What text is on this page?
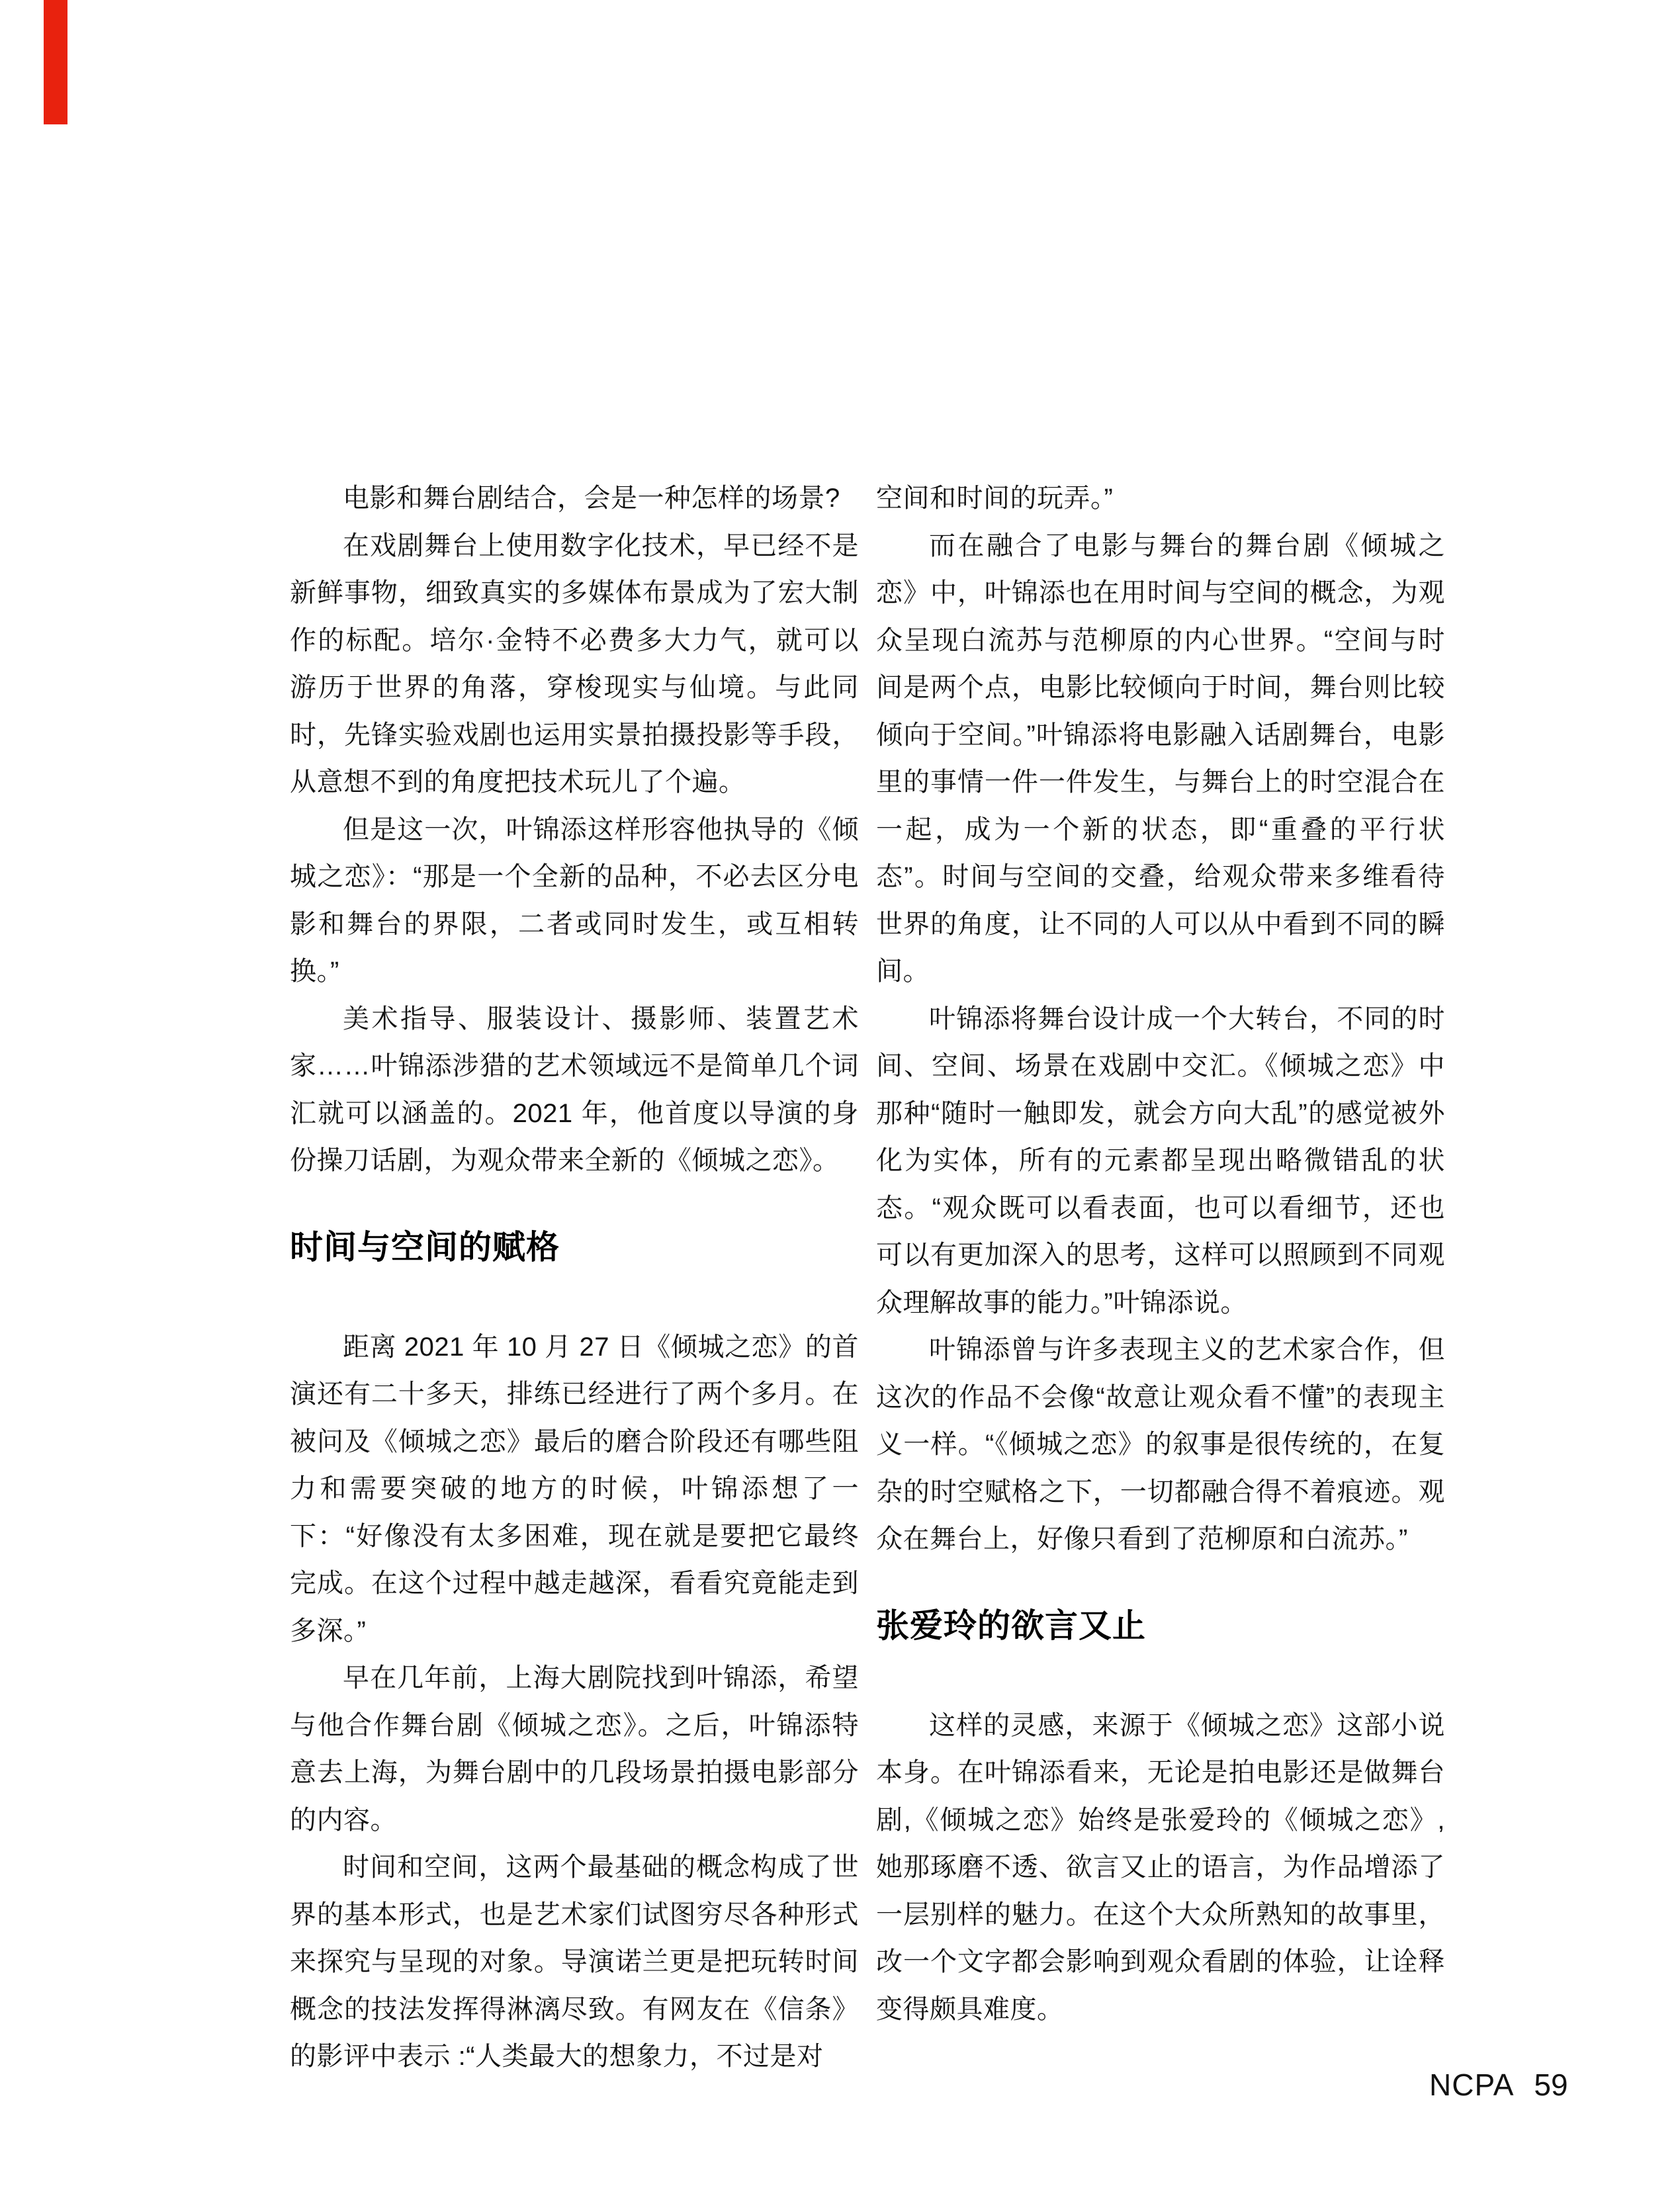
电影和舞台剧结合，会是一种怎样的场景?

在戏剧舞台上使用数字化技术，早已经不是新鲜事物，细致真实的多媒体布景成为了宏大制作的标配。培尔·金特不必费多大力气，就可以游历于世界的角落，穿梭现实与仙境。与此同时，先锋实验戏剧也运用实景拍摄投影等手段，从意想不到的角度把技术玩儿了个遍。

但是这一次，叶锦添这样形容他执导的《倾城之恋》：“那是一个全新的品种，不必去区分电影和舞台的界限，二者或同时发生，或互相转换。”

美术指导、服装设计、摄影师、装置艺术家……叶锦添涉猎的艺术领域远不是简单几个词汇就可以涵盖的。2021 年，他首度以导演的身份操刀话剧，为观众带来全新的《倾城之恋》。

时间与空间的赋格

距离 2021 年 10 月 27 日《倾城之恋》的首演还有二十多天，排练已经进行了两个多月。在被问及《倾城之恋》最后的磨合阶段还有哪些阻力和需要突破的地方的时候，叶锦添想了一下：“好像没有太多困难，现在就是要把它最终完成。在这个过程中越走越深，看看究竟能走到多深。”

早在几年前，上海大剧院找到叶锦添，希望与他合作舞台剧《倾城之恋》。之后，叶锦添特意去上海，为舞台剧中的几段场景拍摄电影部分的内容。

时间和空间，这两个最基础的概念构成了世界的基本形式，也是艺术家们试图穷尽各种形式来探究与呈现的对象。导演诺兰更是把玩转时间概念的技法发挥得淋漓尽致。有网友在《信条》的影评中表示 :“人类最大的想象力，不过是对

空间和时间的玩弄。”

而在融合了电影与舞台的舞台剧《倾城之恋》中，叶锦添也在用时间与空间的概念，为观众呈现白流苏与范柳原的内心世界。“空间与时间是两个点，电影比较倾向于时间，舞台则比较倾向于空间。”叶锦添将电影融入话剧舞台，电影里的事情一件一件发生，与舞台上的时空混合在一起，成为一个新的状态，即“重叠的平行状态”。时间与空间的交叠，给观众带来多维看待世界的角度，让不同的人可以从中看到不同的瞬间。

叶锦添将舞台设计成一个大转台，不同的时间、空间、场景在戏剧中交汇。《倾城之恋》中那种“随时一触即发，就会方向大乱”的感觉被外化为实体，所有的元素都呈现出略微错乱的状态。“观众既可以看表面，也可以看细节，还也可以有更加深入的思考，这样可以照顾到不同观众理解故事的能力。”叶锦添说。

叶锦添曾与许多表现主义的艺术家合作，但这次的作品不会像“故意让观众看不懂”的表现主义一样。“《倾城之恋》的叙事是很传统的，在复杂的时空赋格之下，一切都融合得不着痕迹。观众在舞台上，好像只看到了范柳原和白流苏。”

张爱玲的欲言又止

这样的灵感，来源于《倾城之恋》这部小说本身。在叶锦添看来，无论是拍电影还是做舞台剧,《倾城之恋》始终是张爱玲的《倾城之恋》,她那琢磨不透、欲言又止的语言，为作品增添了一层别样的魅力。在这个大众所熟知的故事里，改一个文字都会影响到观众看剧的体验，让诠释变得颇具难度。

NCPA 59
